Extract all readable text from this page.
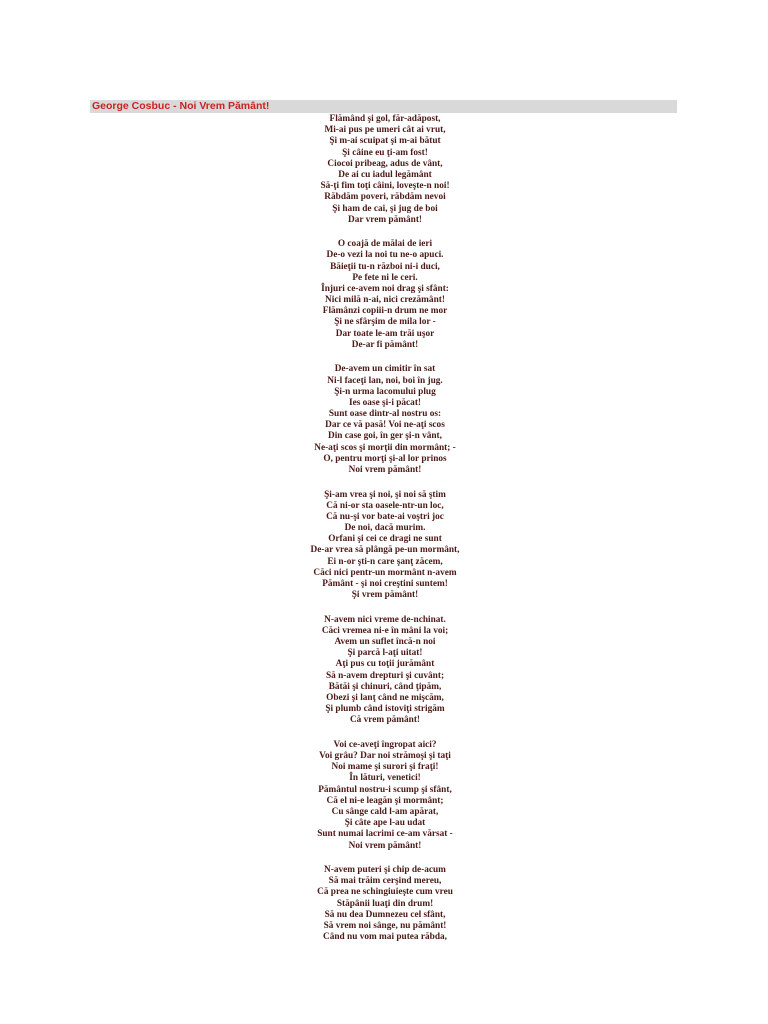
George Cosbuc - Noi Vrem Pământ!
Flămând şi gol, făr-adăpost,
Mi-ai pus pe umeri cât ai vrut,
Şi m-ai scuipat şi m-ai bătut
Şi câine eu ţi-am fost!
Ciocoi pribeag, adus de vânt,
De ai cu iadul legământ
Să-ţi fim toţi câini, loveşte-n noi!
Răbdăm poveri, răbdăm nevoi
Şi ham de cai, şi jug de boi
Dar vrem pământ!
O coajă de mălai de ieri
De-o vezi la noi tu ne-o apuci.
Băieţii tu-n război ni-i duci,
Pe fete ni le ceri.
Înjuri ce-avem noi drag şi sfânt:
Nici milă n-ai, nici crezământ!
Flămânzi copiii-n drum ne mor
Şi ne sfârşim de mila lor -
Dar toate le-am trăi uşor
De-ar fi pământ!
De-avem un cimitir în sat
Ni-l faceţi lan, noi, boi în jug.
Şi-n urma lacomului plug
Ies oase şi-i păcat!
Sunt oase dintr-al nostru os:
Dar ce vă pasă! Voi ne-aţi scos
Din case goi, în ger şi-n vânt,
Ne-aţi scos şi morţii din mormânt; -
O, pentru morţi şi-al lor prinos
Noi vrem pământ!
Şi-am vrea şi noi, şi noi să ştim
Că ni-or sta oasele-ntr-un loc,
Că nu-şi vor bate-ai voştri joc
De noi, dacă murim.
Orfani şi cei ce dragi ne sunt
De-ar vrea să plângă pe-un mormânt,
Ei n-or şti-n care şanţ zăcem,
Căci nici pentr-un mormânt n-avem
Pământ - şi noi creştini suntem!
Şi vrem pământ!
N-avem nici vreme de-nchinat.
Căci vremea ni-e în mâni la voi;
Avem un suflet încă-n noi
Şi parcă l-aţi uitat!
Aţi pus cu toţii jurământ
Să n-avem drepturi şi cuvânt;
Bătăi şi chinuri, când ţipăm,
Obezi şi lanţ când ne mişcăm,
Şi plumb când istoviţi strigăm
Că vrem pământ!
Voi ce-aveţi îngropat aici?
Voi grâu? Dar noi strămoşi şi taţi
Noi mame şi surori şi fraţi!
În lături, venetici!
Pământul nostru-i scump şi sfânt,
Că el ni-e leagăn şi mormânt;
Cu sânge cald l-am apărat,
Şi câte ape l-au udat
Sunt numai lacrimi ce-am vărsat -
Noi vrem pământ!
N-avem puteri şi chip de-acum
Să mai trăim cerşind mereu,
Că prea ne schingiuieşte cum vreu
Stăpânii luaţi din drum!
Să nu dea Dumnezeu cel sfânt,
Să vrem noi sânge, nu pământ!
Când nu vom mai putea răbda,
